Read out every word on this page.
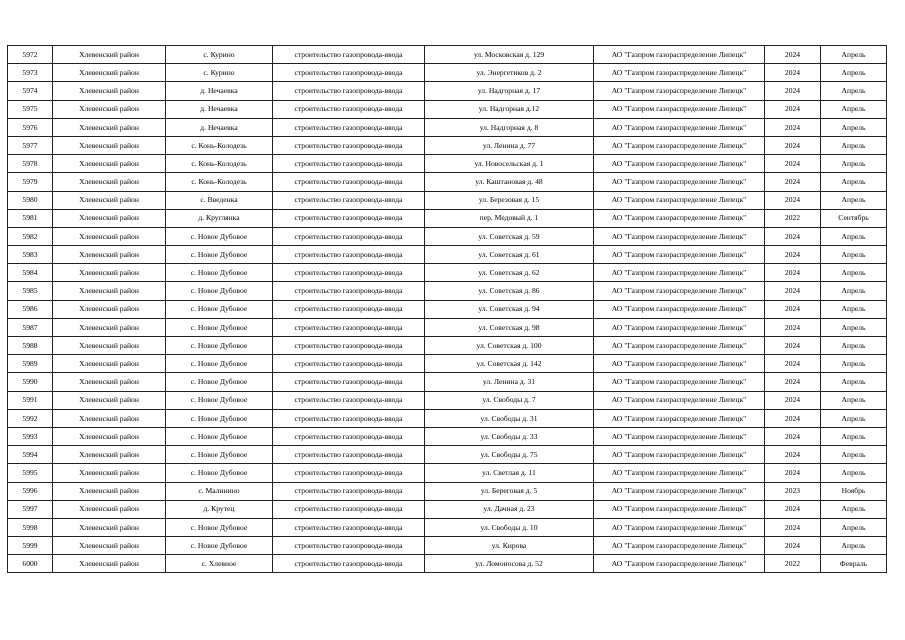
5972	Хлевенский район	с. Курино	строительство газопровода-ввода	ул. Московская д. 129	АО "Газпром газораспределение Липецк"	2024	Апрель
5973	Хлевенский район	с. Курино	строительство газопровода-ввода	ул. Энергетиков д. 2	АО "Газпром газораспределение Липецк"	2024	Апрель
5974	Хлевенский район	д. Нечаевка	строительство газопровода-ввода	ул. Надгорная д. 17	АО "Газпром газораспределение Липецк"	2024	Апрель
5975	Хлевенский район	д. Нечаевка	строительство газопровода-ввода	ул. Надгорная д.12	АО "Газпром газораспределение Липецк"	2024	Апрель
5976	Хлевенский район	д. Нечаевка	строительство газопровода-ввода	ул. Надгорная д. 8	АО "Газпром газораспределение Липецк"	2024	Апрель
5977	Хлевенский район	с. Конь-Колодезь	строительство газопровода-ввода	ул. Ленина д. 77	АО "Газпром газораспределение Липецк"	2024	Апрель
5978	Хлевенский район	с. Конь-Колодезь	строительство газопровода-ввода	ул. Новосельская д. 1	АО "Газпром газораспределение Липецк"	2024	Апрель
5979	Хлевенский район	с. Конь-Колодезь	строительство газопровода-ввода	ул. Каштановая д. 48	АО "Газпром газораспределение Липецк"	2024	Апрель
5980	Хлевенский район	с. Введенка	строительство газопровода-ввода	ул. Березовая д. 15	АО "Газпром газораспределение Липецк"	2024	Апрель
5981	Хлевенский район	д. Круглянка	строительство газопровода-ввода	пер. Медовый д. 1	АО "Газпром газораспределение Липецк"	2022	Сентябрь
5982	Хлевенский район	с. Новое Дубовое	строительство газопровода-ввода	ул. Советская д. 59	АО "Газпром газораспределение Липецк"	2024	Апрель
5983	Хлевенский район	с. Новое Дубовое	строительство газопровода-ввода	ул. Советская д. 61	АО "Газпром газораспределение Липецк"	2024	Апрель
5984	Хлевенский район	с. Новое Дубовое	строительство газопровода-ввода	ул. Советская д. 62	АО "Газпром газораспределение Липецк"	2024	Апрель
5985	Хлевенский район	с. Новое Дубовое	строительство газопровода-ввода	ул. Советская д. 86	АО "Газпром газораспределение Липецк"	2024	Апрель
5986	Хлевенский район	с. Новое Дубовое	строительство газопровода-ввода	ул. Советская д. 94	АО "Газпром газораспределение Липецк"	2024	Апрель
5987	Хлевенский район	с. Новое Дубовое	строительство газопровода-ввода	ул. Советская д. 98	АО "Газпром газораспределение Липецк"	2024	Апрель
5988	Хлевенский район	с. Новое Дубовое	строительство газопровода-ввода	ул. Советская д. 100	АО "Газпром газораспределение Липецк"	2024	Апрель
5989	Хлевенский район	с. Новое Дубовое	строительство газопровода-ввода	ул. Советская д. 142	АО "Газпром газораспределение Липецк"	2024	Апрель
5990	Хлевенский район	с. Новое Дубовое	строительство газопровода-ввода	ул. Ленина д. 31	АО "Газпром газораспределение Липецк"	2024	Апрель
5991	Хлевенский район	с. Новое Дубовое	строительство газопровода-ввода	ул. Свободы д. 7	АО "Газпром газораспределение Липецк"	2024	Апрель
5992	Хлевенский район	с. Новое Дубовое	строительство газопровода-ввода	ул. Свободы д. 31	АО "Газпром газораспределение Липецк"	2024	Апрель
5993	Хлевенский район	с. Новое Дубовое	строительство газопровода-ввода	ул. Свободы д. 33	АО "Газпром газораспределение Липецк"	2024	Апрель
5994	Хлевенский район	с. Новое Дубовое	строительство газопровода-ввода	ул. Свободы д. 75	АО "Газпром газораспределение Липецк"	2024	Апрель
5995	Хлевенский район	с. Новое Дубовое	строительство газопровода-ввода	ул. Светлая д. 11	АО "Газпром газораспределение Липецк"	2024	Апрель
5996	Хлевенский район	с. Малинино	строительство газопровода-ввода	ул. Береговая д. 5	АО "Газпром газораспределение Липецк"	2023	Ноябрь
5997	Хлевенский район	д. Крутец	строительство газопровода-ввода	ул. Дачная д. 23	АО "Газпром газораспределение Липецк"	2024	Апрель
5998	Хлевенский район	с. Новое Дубовое	строительство газопровода-ввода	ул. Свободы д. 10	АО "Газпром газораспределение Липецк"	2024	Апрель
5999	Хлевенский район	с. Новое Дубовое	строительство газопровода-ввода	ул. Кирова	АО "Газпром газораспределение Липецк"	2024	Апрель
6000	Хлевенский район	с. Хлевное	строительство газопровода-ввода	ул. Ломоносова д. 52	АО "Газпром газораспределение Липецк"	2022	Февраль
